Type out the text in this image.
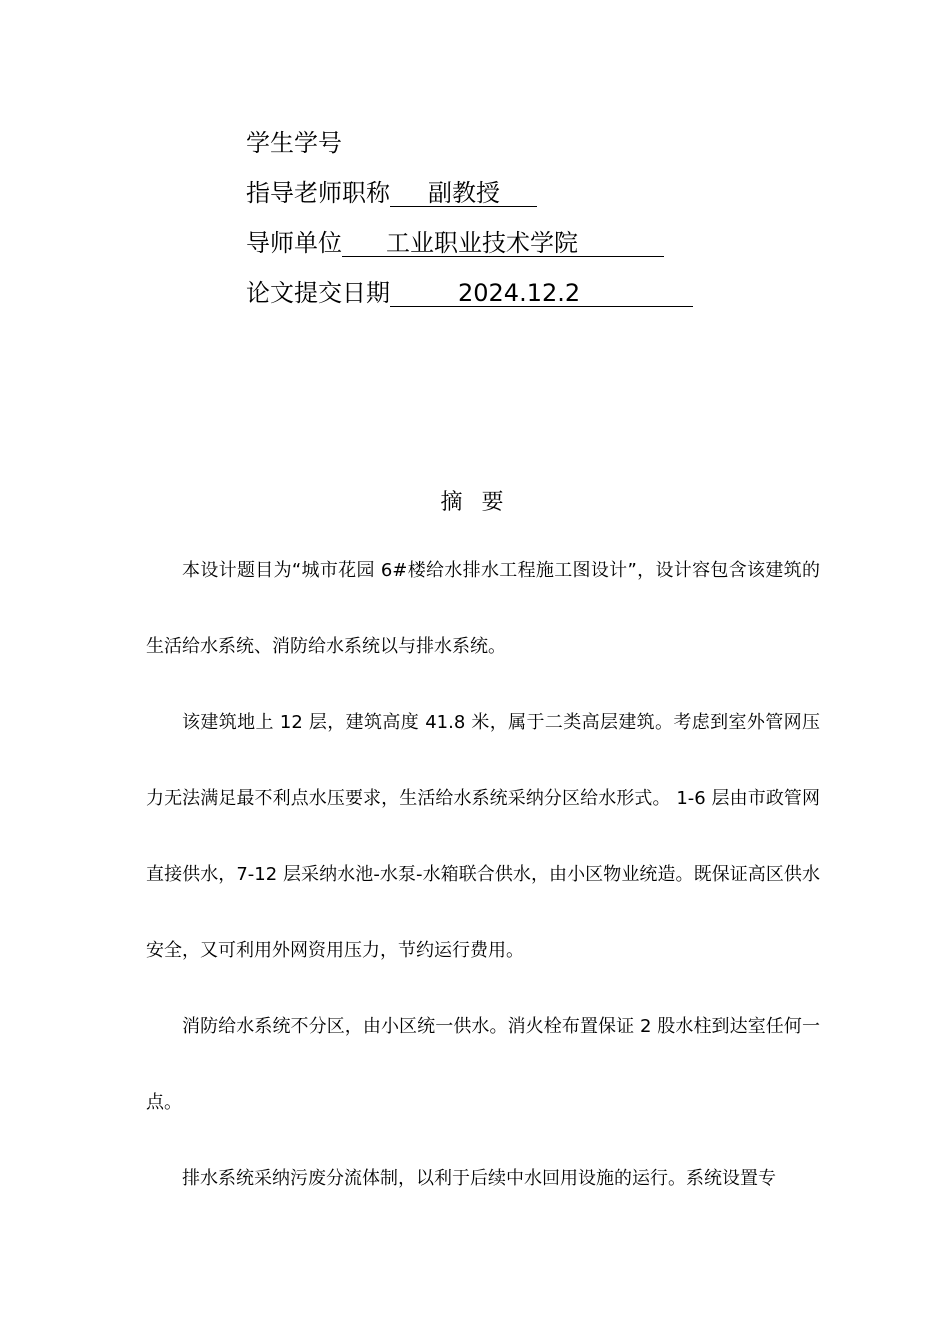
学生学号
指导老师职称 副教授
导师单位 工业职业技术学院
论文提交日期	2024.12.2
摘 要

本设计题目为“城市花园 6#楼给水排水工程施工图设计”，设计容包含该建筑的生活给水系统、消防给水系统以与排水系统。

该建筑地上 12 层，建筑高度 41.8 米，属于二类高层建筑。考虑到室外管网压力无法满足最不利点水压要求，生活给水系统采纳分区给水形式。 1-6 层由市政管网直接供水，7-12 层采纳水池-水泵-水箱联合供水，由小区物业统造。既保证高区供水安全，又可利用外网资用压力，节约运行费用。

消防给水系统不分区，由小区统一供水。消火栓布置保证 2 股水柱到达室任何一点。

排水系统采纳污废分流体制，以利于后续中水回用设施的运行。系统设置专
